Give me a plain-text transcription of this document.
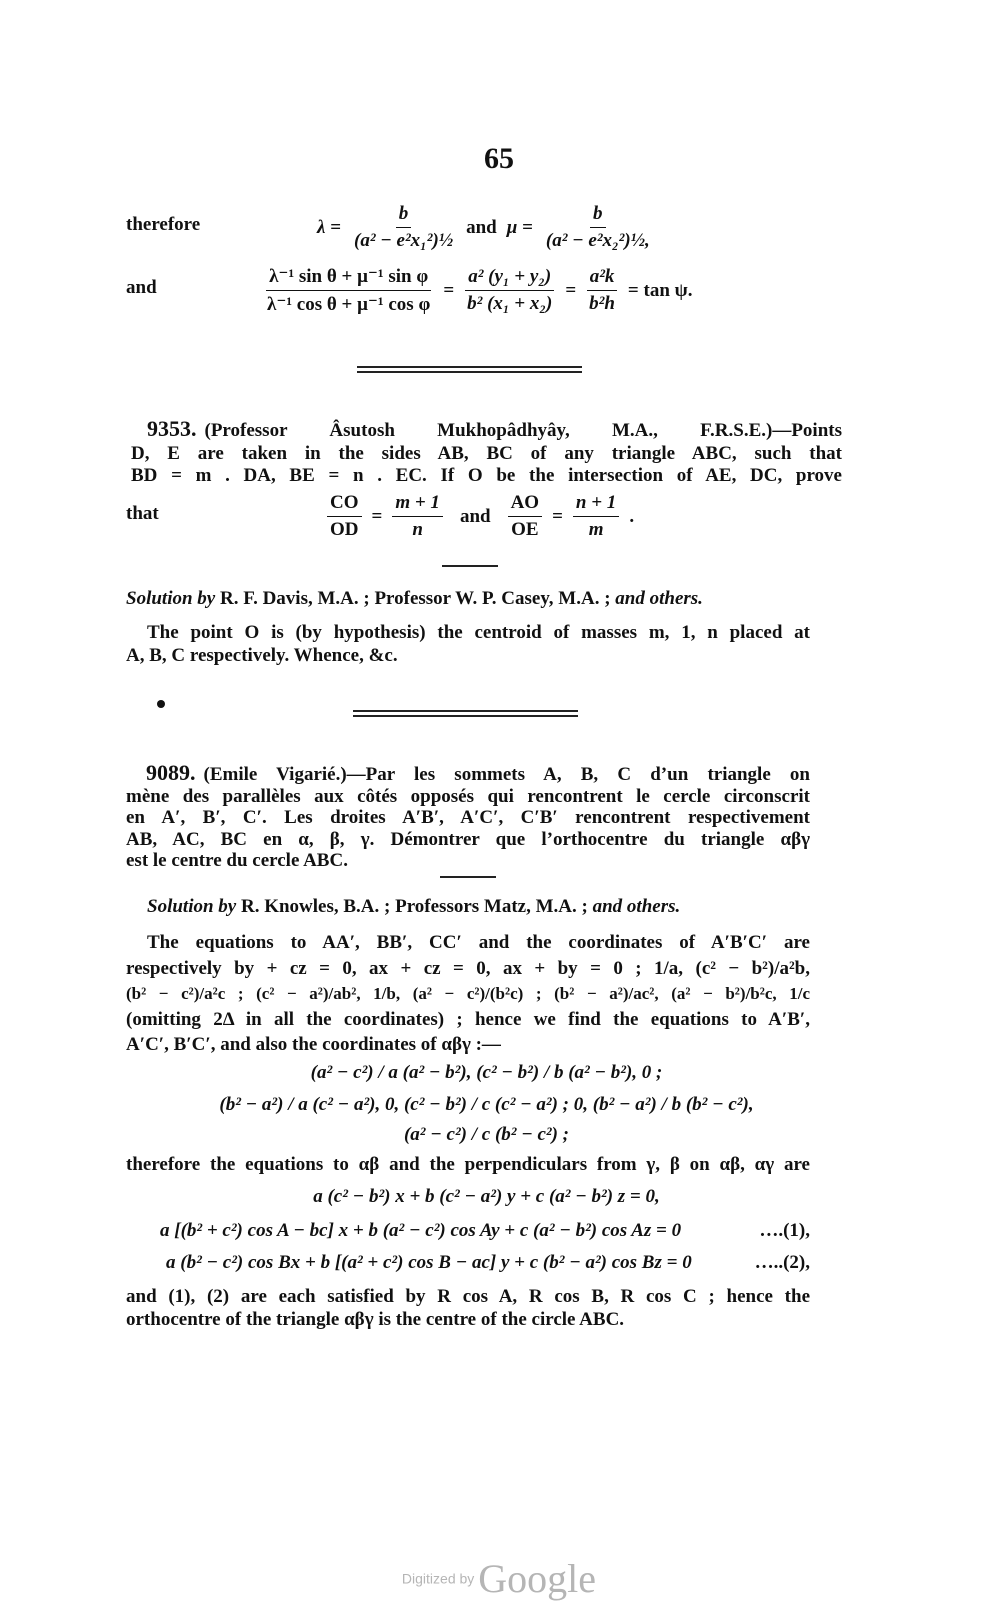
65
therefore	$\lambda = \frac{b}{\text{(a² − e²x₁²)½}}$ and $\mu = \frac{b}{\text{(a² − e²x₂²)½,}}$
and	$\frac{\text{λ⁻¹ sin θ + μ⁻¹ sin φ}}{\text{λ⁻¹ cos θ + μ⁻¹ cos φ}} = \frac{\text{a² (y₁ + y₂)}}{\text{b² (x₁ + x₂)}} = \frac{\text{a²k}}{\text{b²h}} = \tan \psi$.
9353. (Professor Âsutosh Mukhopâdhyây, M.A., F.R.S.E.)—Points
D, E are taken in the sides AB, BC of any triangle ABC, such that
BD = m . DA, BE = n . EC. If O be the intersection of AE, DC, prove
that	$\frac{CO}{OD} = \frac{m + 1}{n}$ and $\frac{AO}{OE} = \frac{n + 1}{m}$ .
Solution by R. F. Davis, M.A. ; Professor W. P. Casey, M.A. ; and others.
The point O is (by hypothesis) the centroid of masses m, 1, n placed at
A, B, C respectively. Whence, &c.
9089. (Emile Vigarié.)—Par les sommets A, B, C d’un triangle on
mène des parallèles aux côtés opposés qui rencontrent le cercle circonscrit
en A′, B′, C′. Les droites A′B′, A′C′, C′B′ rencontrent respectivement
AB, AC, BC en α, β, γ. Démontrer que l’orthocentre du triangle αβγ
est le centre du cercle ABC.
Solution by R. Knowles, B.A. ; Professors Matz, M.A. ; and others.
The equations to AA′, BB′, CC′ and the coordinates of A′B′C′ are
respectively by + cz = 0, ax + cz = 0, ax + by = 0 ; 1/a, (c² − b²)/a²b,
(b² − c²)/a²c ; (c² − a²)/ab², 1/b, (a² − c²)/(b²c) ; (b² − a²)/ac², (a² − b²)/b²c, 1/c
(omitting 2Δ in all the coordinates) ; hence we find the equations to A′B′,
A′C′, B′C′, and also the coordinates of αβγ :—
(a² − c²) / a (a² − b²), (c² − b²) / b (a² − b²), 0 ;
(b² − a²) / a (c² − a²), 0, (c² − b²) / c (c² − a²) ; 0, (b² − a²) / b (b² − c²),
(a² − c²) / c (b² − c²) ;
therefore the equations to αβ and the perpendiculars from γ, β on αβ, αγ are
a (c² − b²) x + b (c² − a²) y + c (a² − b²) z = 0,
a [(b² + c²) cos A − bc] x + b (a² − c²) cos Ay + c (a² − b²) cos Az = 0	….(1),
a (b² − c²) cos Bx + b [(a² + c²) cos B − ac] y + c (b² − a²) cos Bz = 0	…..(2),
and (1), (2) are each satisfied by R cos A, R cos B, R cos C ; hence the
orthocentre of the triangle αβγ is the centre of the circle ABC.
Digitized by Google
